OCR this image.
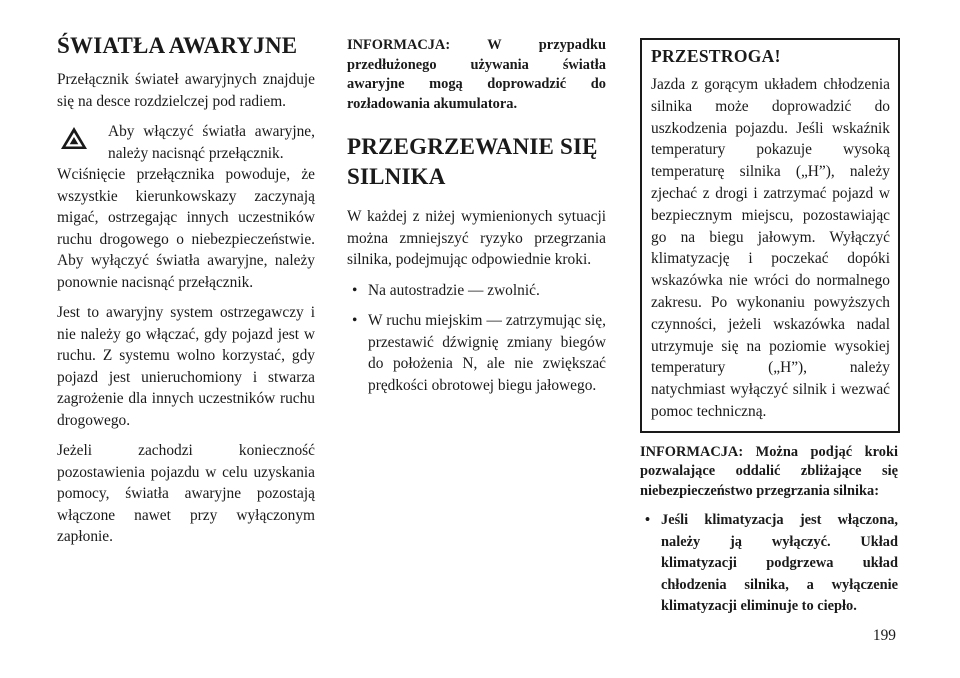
ŚWIATŁA AWARYJNE

Przełącznik świateł awaryjnych znajduje się na desce rozdzielczej pod radiem.

Aby włączyć światła awaryjne, należy nacisnąć przełącznik.
Wciśnięcie przełącznika powoduje, że wszystkie kierunkowskazy zaczynają migać, ostrzegając innych uczestników ruchu drogowego o niebezpieczeństwie. Aby wyłączyć światła awaryjne, należy ponownie nacisnąć przełącznik.

Jest to awaryjny system ostrzegawczy i nie należy go włączać, gdy pojazd jest w ruchu. Z systemu wolno korzystać, gdy pojazd jest unieruchomiony i stwarza zagrożenie dla innych uczestników ruchu drogowego.

Jeżeli zachodzi konieczność pozostawienia pojazdu w celu uzyskania pomocy, światła awaryjne pozostają włączone nawet przy wyłączonym zapłonie.

INFORMACJA: W przypadku przedłużonego używania światła awaryjne mogą doprowadzić do rozładowania akumulatora.

PRZEGRZEWANIE SIĘ SILNIKA

W każdej z niżej wymienionych sytuacji można zmniejszyć ryzyko przegrzania silnika, podejmując odpowiednie kroki.

• Na autostradzie — zwolnić.
• W ruchu miejskim — zatrzymując się, przestawić dźwignię zmiany biegów do położenia N, ale nie zwiększać prędkości obrotowej biegu jałowego.
PRZESTROGA!

Jazda z gorącym układem chłodzenia silnika może doprowadzić do uszkodzenia pojazdu. Jeśli wskaźnik temperatury pokazuje wysoką temperaturę silnika („H”), należy zjechać z drogi i zatrzymać pojazd w bezpiecznym miejscu, pozostawiając go na biegu jałowym. Wyłączyć klimatyzację i poczekać dopóki wskazówka nie wróci do normalnego zakresu. Po wykonaniu powyższych czynności, jeżeli wskazówka nadal utrzymuje się na poziomie wysokiej temperatury („H”), należy natychmiast wyłączyć silnik i wezwać pomoc techniczną.

INFORMACJA: Można podjąć kroki pozwalające oddalić zbliżające się niebezpieczeństwo przegrzania silnika:

• Jeśli klimatyzacja jest włączona, należy ją wyłączyć. Układ klimatyzacji podgrzewa układ chłodzenia silnika, a wyłączenie klimatyzacji eliminuje to ciepło.
199
